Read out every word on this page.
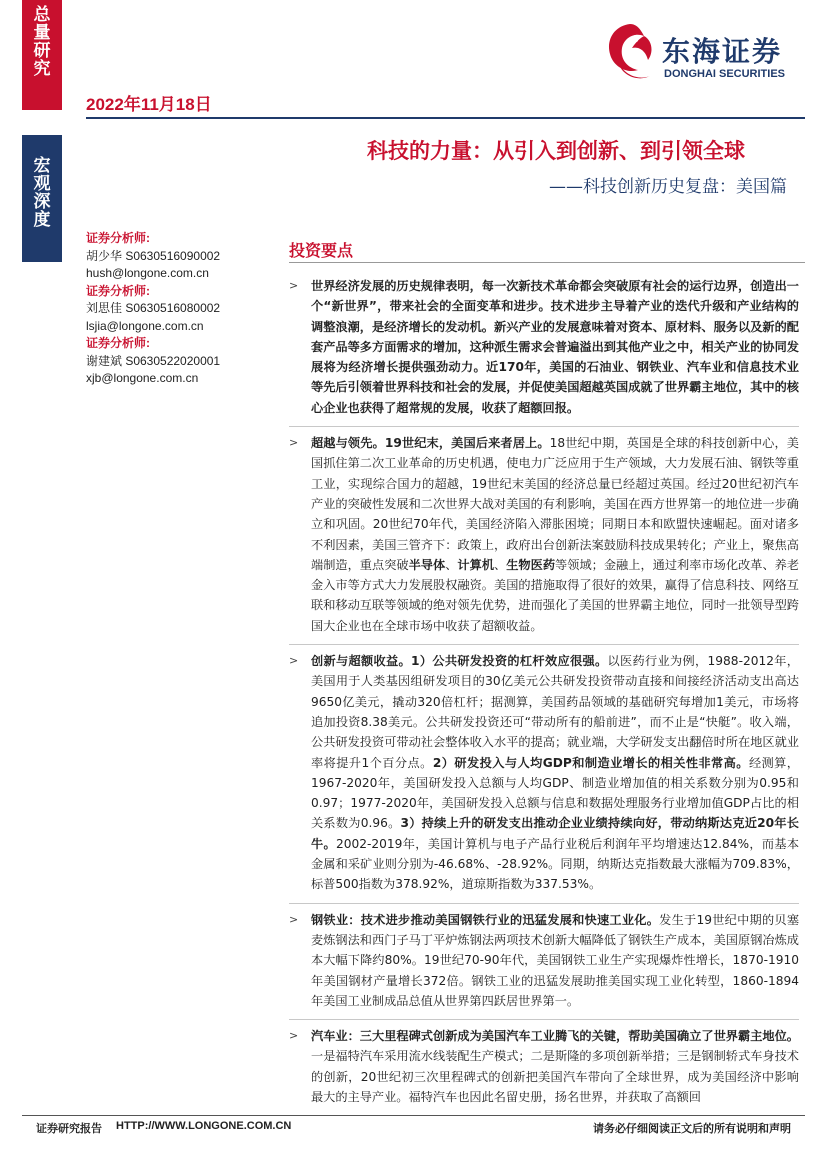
总
量
研
究
宏
观
深
度
2022年11月18日
东海证券
DONGHAI SECURITIES
科技的力量：从引入到创新、到引领全球
——科技创新历史复盘：美国篇
证券分析师:
胡少华 S0630516090002
hush@longone.com.cn
证券分析师:
刘思佳 S0630516080002
lsjia@longone.com.cn
证券分析师:
谢建斌 S0630522020001
xjb@longone.com.cn
投资要点
>	世界经济发展的历史规律表明，每一次新技术革命都会突破原有社会的运行边界，创造出一个“新世界”，带来社会的全面变革和进步。技术进步主导着产业的迭代升级和产业结构的调整浪潮，是经济增长的发动机。新兴产业的发展意味着对资本、原材料、服务以及新的配套产品等多方面需求的增加，这种派生需求会普遍溢出到其他产业之中，相关产业的协同发展将为经济增长提供强劲动力。近170年，美国的石油业、钢铁业、汽车业和信息技术业等先后引领着世界科技和社会的发展，并促使美国超越英国成就了世界霸主地位，其中的核心企业也获得了超常规的发展，收获了超额回报。
>	超越与领先。19世纪末，美国后来者居上。18世纪中期，英国是全球的科技创新中心，美国抓住第二次工业革命的历史机遇，使电力广泛应用于生产领域，大力发展石油、钢铁等重工业，实现综合国力的超越，19世纪末美国的经济总量已经超过英国。经过20世纪初汽车产业的突破性发展和二次世界大战对美国的有利影响，美国在西方世界第一的地位进一步确立和巩固。20世纪70年代，美国经济陷入滞胀困境；同期日本和欧盟快速崛起。面对诸多不利因素，美国三管齐下：政策上，政府出台创新法案鼓励科技成果转化；产业上，聚焦高端制造，重点突破半导体、计算机、生物医药等领域；金融上，通过利率市场化改革、养老金入市等方式大力发展股权融资。美国的措施取得了很好的效果，赢得了信息科技、网络互联和移动互联等领域的绝对领先优势，进而强化了美国的世界霸主地位，同时一批领导型跨国大企业也在全球市场中收获了超额收益。
>	创新与超额收益。1）公共研发投资的杠杆效应很强。以医药行业为例，1988-2012年，美国用于人类基因组研发项目的30亿美元公共研发投资带动直接和间接经济活动支出高达9650亿美元，撬动320倍杠杆；据测算，美国药品领域的基础研究每增加1美元，市场将追加投资8.38美元。公共研发投资还可“带动所有的船前进”，而不止是“快艇”。收入端，公共研发投资可带动社会整体收入水平的提高；就业端，大学研发支出翻倍时所在地区就业率将提升1个百分点。2）研发投入与人均GDP和制造业增长的相关性非常高。经测算，1967-2020年，美国研发投入总额与人均GDP、制造业增加值的相关系数分别为0.95和0.97；1977-2020年，美国研发投入总额与信息和数据处理服务行业增加值GDP占比的相关系数为0.96。3）持续上升的研发支出推动企业业绩持续向好，带动纳斯达克近20年长牛。2002-2019年，美国计算机与电子产品行业税后利润年平均增速达12.84%，而基本金属和采矿业则分别为-46.68%、-28.92%。同期，纳斯达克指数最大涨幅为709.83%，标普500指数为378.92%，道琼斯指数为337.53%。
>	钢铁业：技术进步推动美国钢铁行业的迅猛发展和快速工业化。发生于19世纪中期的贝塞麦炼钢法和西门子马丁平炉炼钢法两项技术创新大幅降低了钢铁生产成本，美国原钢冶炼成本大幅下降约80%。19世纪70-90年代，美国钢铁工业生产实现爆炸性增长，1870-1910年美国钢材产量增长372倍。钢铁工业的迅猛发展助推美国实现工业化转型，1860-1894年美国工业制成品总值从世界第四跃居世界第一。
>	汽车业：三大里程碑式创新成为美国汽车工业腾飞的关键，帮助美国确立了世界霸主地位。一是福特汽车采用流水线装配生产模式；二是斯隆的多项创新举措；三是钢制轿式车身技术的创新，20世纪初三次里程碑式的创新把美国汽车带向了全球世界，成为美国经济中影响最大的主导产业。福特汽车也因此名留史册，扬名世界，并获取了高额回
证券研究报告 HTTP://WWW.LONGONE.COM.CN	请务必仔细阅读正文后的所有说明和声明
